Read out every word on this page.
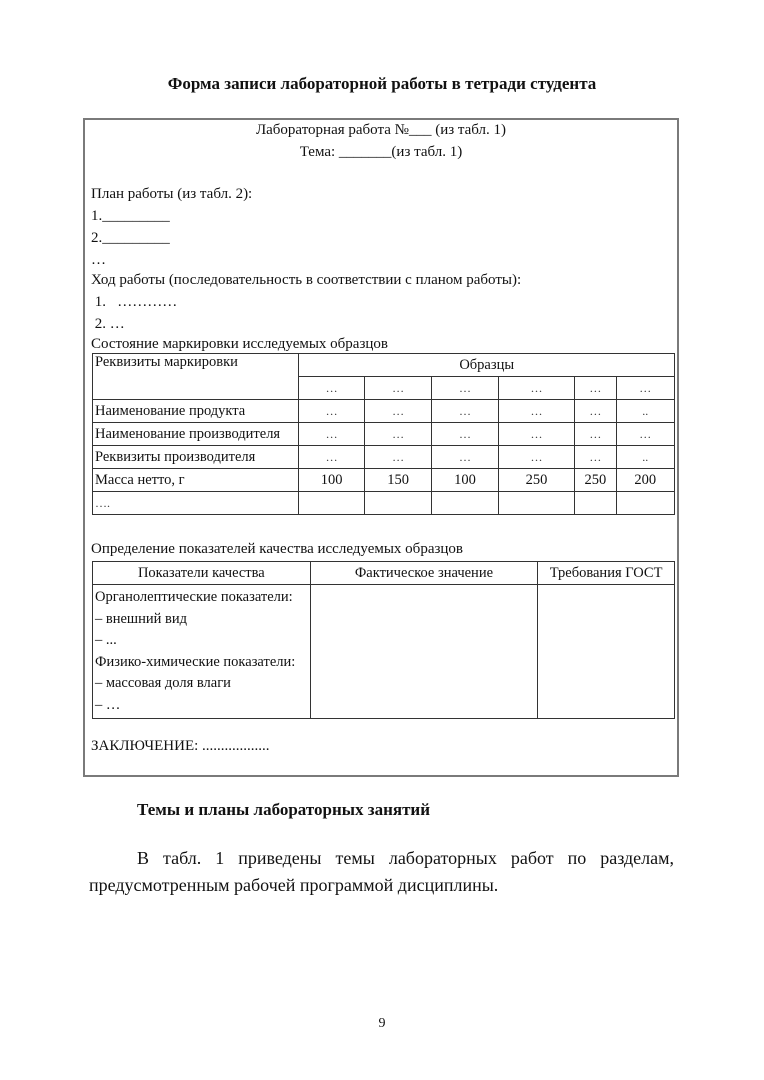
Форма записи лабораторной работы в тетради студента
Лабораторная работа №___ (из табл. 1)
Тема: _______(из табл. 1)
План работы (из табл. 2):
1._________
2._________
…
Ход работы (последовательность в соответствии с планом работы):
1.   …………
2. …
Состояние маркировки исследуемых образцов
Реквизиты маркировки	Образцы					
	…	…	…	…	…	…
Наименование продукта	…	…	…	…	…	..
Наименование производителя	…	…	…	…	…	…
Реквизиты производителя	…	…	…	…	…	..
Масса нетто, г	100	150	100	250	250	200
….						
Определение показателей качества исследуемых образцов
Показатели качества	Фактическое значение	Требования ГОСТ

Органолептические показатели:
– внешний вид
– ...
Физико-химические показатели:
– массовая доля влаги
– …

ЗАКЛЮЧЕНИЕ: ..................
Темы и планы лабораторных занятий
В табл. 1 приведены темы лабораторных работ по разделам, предусмотренным рабочей программой дисциплины.
9
